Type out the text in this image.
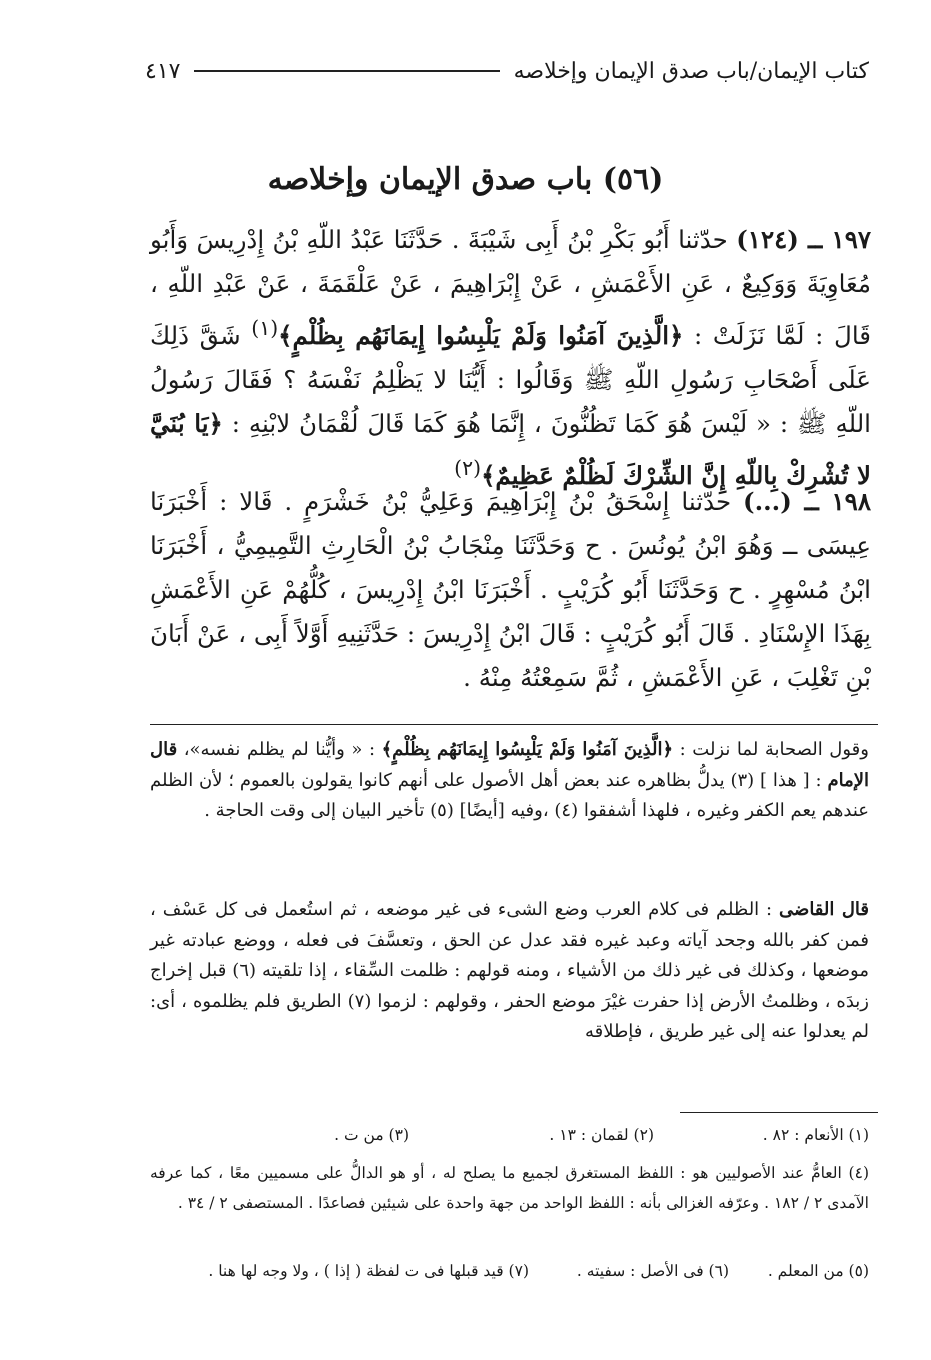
كتاب الإيمان/باب صدق الإيمان وإخلاصه
٤١٧
(٥٦) باب صدق الإيمان وإخلاصه
١٩٧ ــ (١٢٤) حدّثنا أَبُو بَكْرِ بْنُ أَبِى شَيْبَةَ . حَدَّثَنَا عَبْدُ اللّهِ بْنُ إِدْرِيسَ وَأَبُو مُعَاوِيَةَ وَوَكِيعٌ ، عَنِ الأَعْمَشِ ، عَنْ إِبْرَاهِيمَ ، عَنْ عَلْقَمَةَ ، عَنْ عَبْدِ اللّهِ ، قَالَ : لَمَّا نَزَلَتْ : ﴿الَّذِينَ آمَنُوا وَلَمْ يَلْبِسُوا إِيمَانَهُم بِظُلْمٍ﴾$^{(١)}$ شَقَّ ذَلِكَ عَلَى أَصْحَابِ رَسُولِ اللّهِ ﷺ وَقَالُوا : أَيُّنَا لا يَظْلِمُ نَفْسَهُ ؟ فَقَالَ رَسُولُ اللّهِ ﷺ : « لَيْسَ هُوَ كَمَا تَظُنُّونَ ، إِنَّمَا هُوَ كَمَا قَالَ لُقْمَانُ لابْنِهِ : ﴿يَا بُنَيَّ لا تُشْرِكْ بِاللّهِ إِنَّ الشِّرْكَ لَظُلْمٌ عَظِيمٌ﴾$^{(٢)}$
١٩٨ ــ (...) حدّثنا إِسْحَقُ بْنُ إِبْرَاهِيمَ وَعَلِيُّ بْنُ خَشْرَمٍ . قَالا : أَخْبَرَنَا عِيسَى ــ وَهُوَ ابْنُ يُونُسَ . ح وَحَدَّثَنَا مِنْجَابُ بْنُ الْحَارِثِ التَّمِيمِيُّ ، أَخْبَرَنَا ابْنُ مُسْهِرٍ . ح وَحَدَّثَنَا أَبُو كُرَيْبٍ . أَخْبَرَنَا ابْنُ إِدْرِيسَ ، كُلُّهُمْ عَنِ الأَعْمَشِ بِهَذَا الإِسْنَادِ . قَالَ أَبُو كُرَيْبٍ : قَالَ ابْنُ إِدْرِيسَ : حَدَّثَنِيهِ أَوَّلاً أَبِى ، عَنْ أَبَانَ بْنِ تَغْلِبَ ، عَنِ الأَعْمَشِ ، ثُمَّ سَمِعْتُهُ مِنْهُ .
وقول الصحابة لما نزلت : ﴿الَّذِينَ آمَنُوا وَلَمْ يَلْبِسُوا إِيمَانَهُم بِظُلْمٍ﴾ : « وأيُّنا لم يظلم نفسه»، قال الإمام : [ هذا ] (٣) يدلُّ بظاهره عند بعض أهل الأصول على أنهم كانوا يقولون بالعموم ؛ لأن الظلم عندهم يعم الكفر وغيره ، فلهذا أشفقوا (٤) ،وفيه [أيضًا] (٥) تأخير البيان إلى وقت الحاجة .
قال القاضى : الظلم فى كلام العرب وضع الشىء فى غير موضعه ، ثم استُعمل فى كل عَسْف ، فمن كفر بالله وجحد آياته وعبد غيره فقد عدل عن الحق ، وتعسَّفَ فى فعله ، ووضع عبادته غير موضعها ، وكذلك فى غير ذلك من الأشياء ، ومنه قولهم : ظلمت السِّقاء ، إذا تلقيته (٦) قبل إخراج زبدَه ، وظلمتُ الأرض إذا حفرت غيْرَ موضع الحفر ، وقولهم : لزموا (٧) الطريق فلم يظلموه ، أى: لم يعدلوا عنه إلى غير طريق ، فإطلاقه
(١) الأنعام : ٨٢ .
(٢) لقمان : ١٣ .
(٣) من ت .
(٤) العامُّ عند الأصوليين هو : اللفظ المستغرق لجميع ما يصلح له ، أو هو الدالُّ على مسميين معًا ، كما عرفه الآمدى ٢ / ١٨٢ . وعرّفه الغزالى بأنه : اللفظ الواحد من جهة واحدة على شيئين فصاعدًا . المستصفى ٢ / ٣٤ .
(٥) من المعلم .
(٦) فى الأصل : سفيته .
(٧) قيد قبلها فى ت لفظة ( إذا ) ، ولا وجه لها هنا .
